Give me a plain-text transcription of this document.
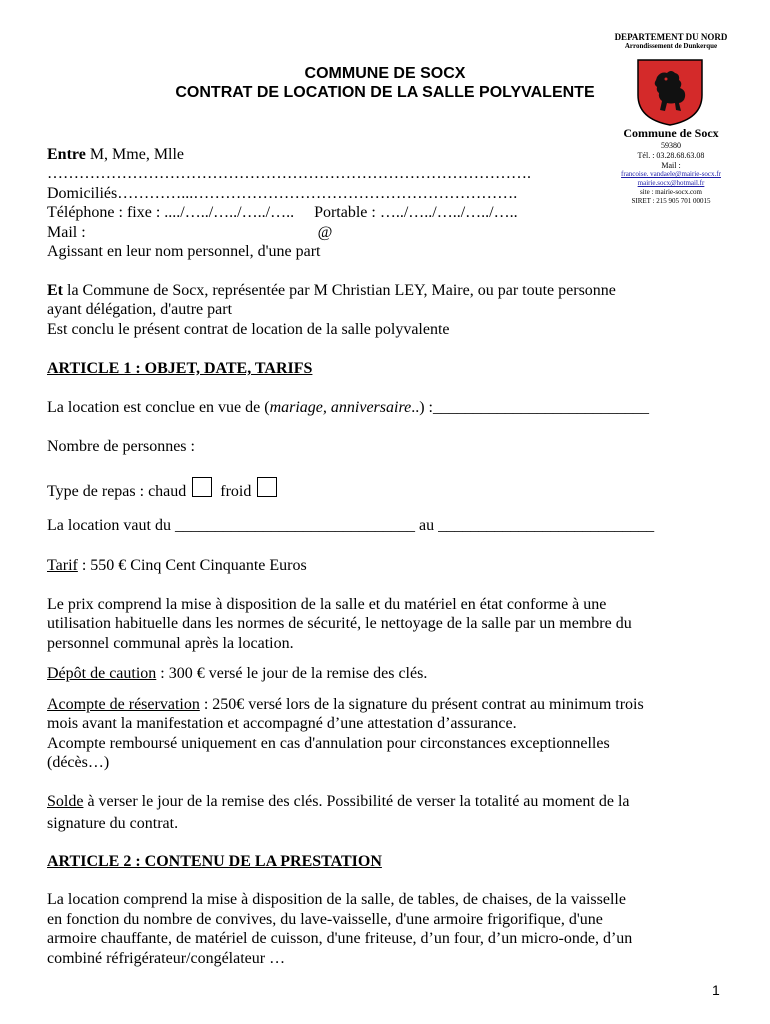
DEPARTEMENT DU NORD
Arrondissement de Dunkerque
Commune de Socx
59380
Tél. : 03.28.68.63.08
Mail :
francoise. vandaele@mairie-socx.fr
mairie.socx@hotmail.fr
site : mairie-socx.com
SIRET : 215 905 701 00015
COMMUNE DE SOCX
CONTRAT DE LOCATION DE LA SALLE POLYVALENTE
Entre M, Mme, Mlle
……………………………………………………………………………….
Domiciliés…………...…………………………………………………….
Téléphone : fixe : ..../…../…../…../…..     Portable : …../…../…../…../…..
Mail :                                                          @
Agissant en leur nom personnel, d'une part
Et la Commune de Socx, représentée par M Christian LEY, Maire, ou par toute personne
ayant délégation, d'autre part
Est conclu le présent contrat de location de la salle polyvalente
ARTICLE 1 : OBJET, DATE, TARIFS
La location est conclue en vue de (mariage, anniversaire..) :___________________________
Nombre de personnes :
Type de repas : chaud froid
La location vaut du ______________________________ au ___________________________
Tarif : 550 € Cinq Cent Cinquante Euros
Le prix comprend la mise à disposition de la salle et du matériel en état conforme à une
utilisation habituelle dans les normes de sécurité, le nettoyage de la salle par un membre du
personnel communal après la location.
Dépôt de caution : 300 € versé le jour de la remise des clés.
Acompte de réservation : 250€ versé lors de la signature du présent contrat au minimum trois
mois avant la manifestation et accompagné d’une attestation d’assurance.
Acompte remboursé uniquement en cas d'annulation pour circonstances exceptionnelles
(décès…)
Solde à verser le jour de la remise des clés. Possibilité de verser la totalité au moment de la
signature du contrat.
ARTICLE 2 : CONTENU DE LA PRESTATION
La location comprend la mise à disposition de la salle, de tables, de chaises, de la vaisselle
en fonction du nombre de convives, du lave-vaisselle, d'une armoire frigorifique, d'une
armoire chauffante, de matériel de cuisson, d'une friteuse, d’un four, d’un micro-onde, d’un
combiné réfrigérateur/congélateur …
1
